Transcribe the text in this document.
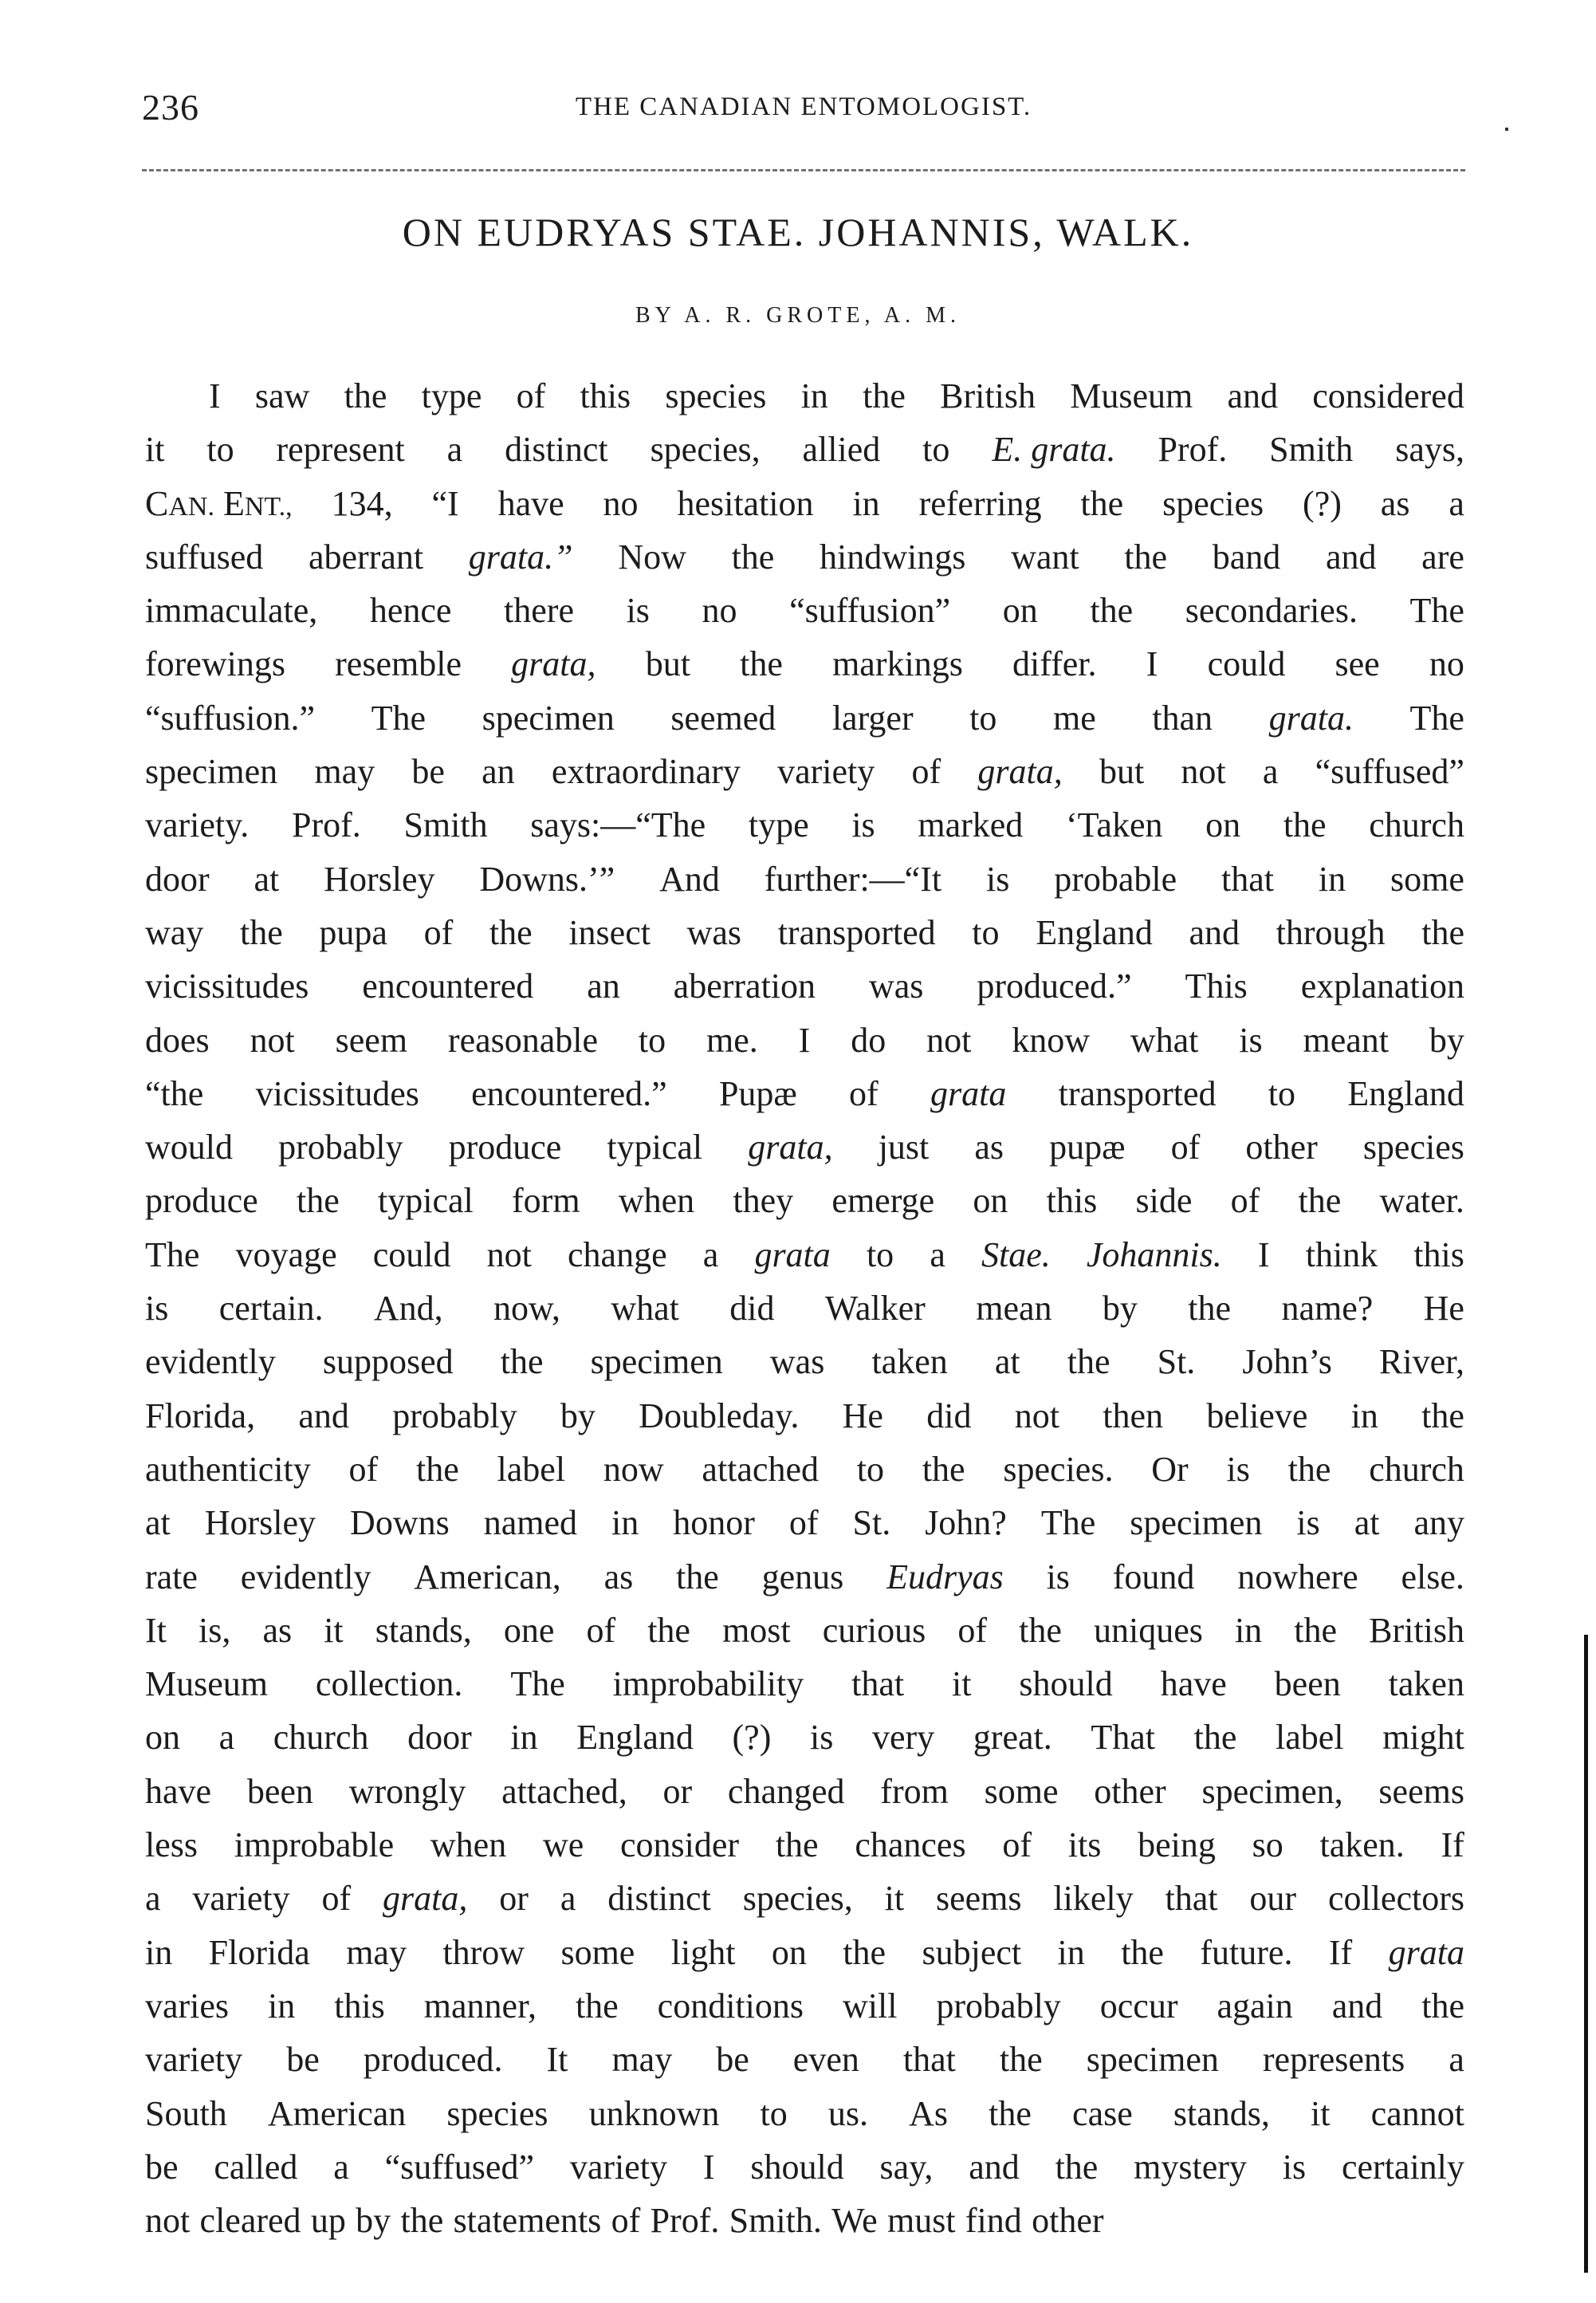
236	THE CANADIAN ENTOMOLOGIST.
ON EUDRYAS STAE. JOHANNIS, WALK.
BY A. R. GROTE, A. M.
I saw the type of this species in the British Museum and considered
it to represent a distinct species, allied to E. grata. Prof. Smith says,
CAN. ENT., 134, “I have no hesitation in referring the species (?) as a
suffused aberrant grata.” Now the hindwings want the band and are
immaculate, hence there is no “suffusion” on the secondaries. The
forewings resemble grata, but the markings differ. I could see no
“suffusion.” The specimen seemed larger to me than grata. The
specimen may be an extraordinary variety of grata, but not a “suffused”
variety. Prof. Smith says:—“The type is marked ‘Taken on the church
door at Horsley Downs.’” And further:—“It is probable that in some
way the pupa of the insect was transported to England and through the
vicissitudes encountered an aberration was produced.” This explanation
does not seem reasonable to me. I do not know what is meant by
“the vicissitudes encountered.” Pupæ of grata transported to England
would probably produce typical grata, just as pupæ of other species
produce the typical form when they emerge on this side of the water.
The voyage could not change a grata to a Stae. Johannis. I think this
is certain. And, now, what did Walker mean by the name? He
evidently supposed the specimen was taken at the St. John’s River,
Florida, and probably by Doubleday. He did not then believe in the
authenticity of the label now attached to the species. Or is the church
at Horsley Downs named in honor of St. John? The specimen is at any
rate evidently American, as the genus Eudryas is found nowhere else.
It is, as it stands, one of the most curious of the uniques in the British
Museum collection. The improbability that it should have been taken
on a church door in England (?) is very great. That the label might
have been wrongly attached, or changed from some other specimen, seems
less improbable when we consider the chances of its being so taken. If
a variety of grata, or a distinct species, it seems likely that our collectors
in Florida may throw some light on the subject in the future. If grata
varies in this manner, the conditions will probably occur again and the
variety be produced. It may be even that the specimen represents a
South American species unknown to us. As the case stands, it cannot
be called a “suffused” variety I should say, and the mystery is certainly
not cleared up by the statements of Prof. Smith. We must find other
